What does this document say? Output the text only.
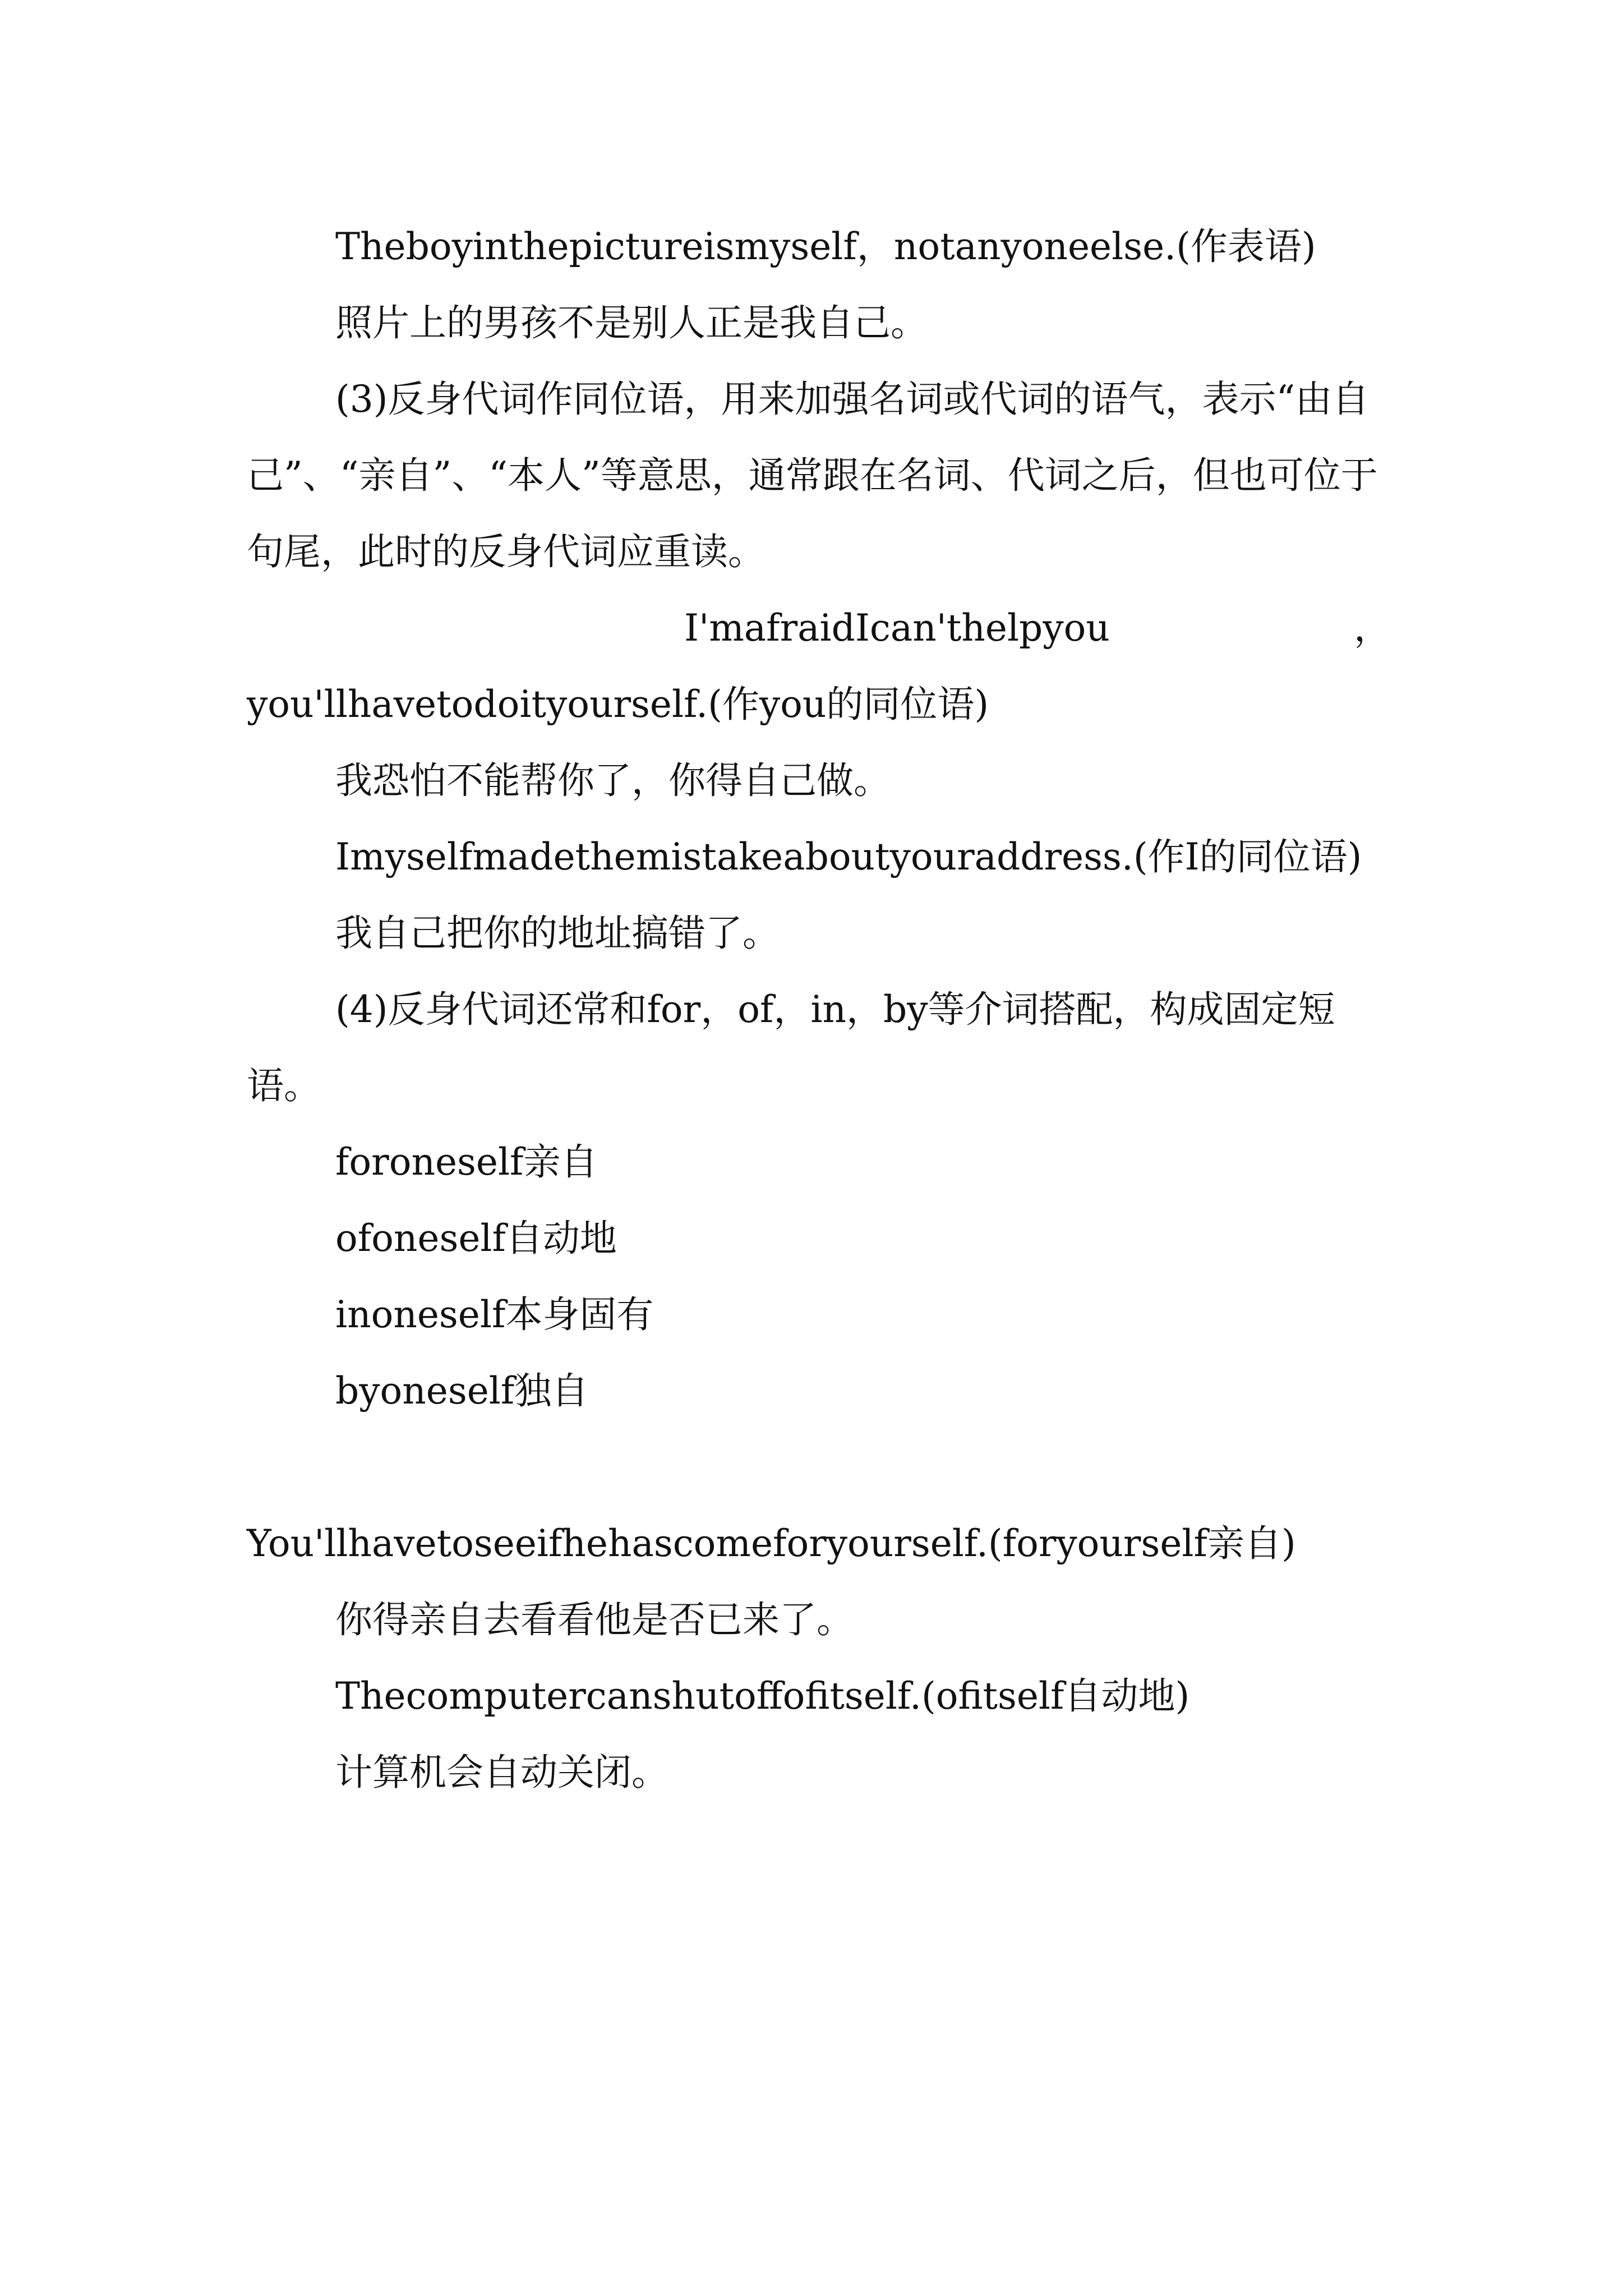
Theboyinthepictureismyself，notanyoneelse.(作表语)

照片上的男孩不是别人正是我自己。

(3)反身代词作同位语，用来加强名词或代词的语气，表示“由自己”、“亲自”、“本人”等意思，通常跟在名词、代词之后，但也可位于句尾，此时的反身代词应重读。

I'mafraidIcan'thelpyou	，

you'llhavetodoityourself.(作you的同位语)

我恐怕不能帮你了，你得自己做。

Imyselfmadethemistakeaboutyouraddress.(作I的同位语)

我自己把你的地址搞错了。

(4)反身代词还常和for，of，in，by等介词搭配，构成固定短语。

foroneself亲自

ofoneself自动地

inoneself本身固有

byoneself独自

You'llhavetoseeifhehascomeforyourself.(foryourself亲自)

你得亲自去看看他是否已来了。

Thecomputercanshutoffofitself.(ofitself自动地)

计算机会自动关闭。
